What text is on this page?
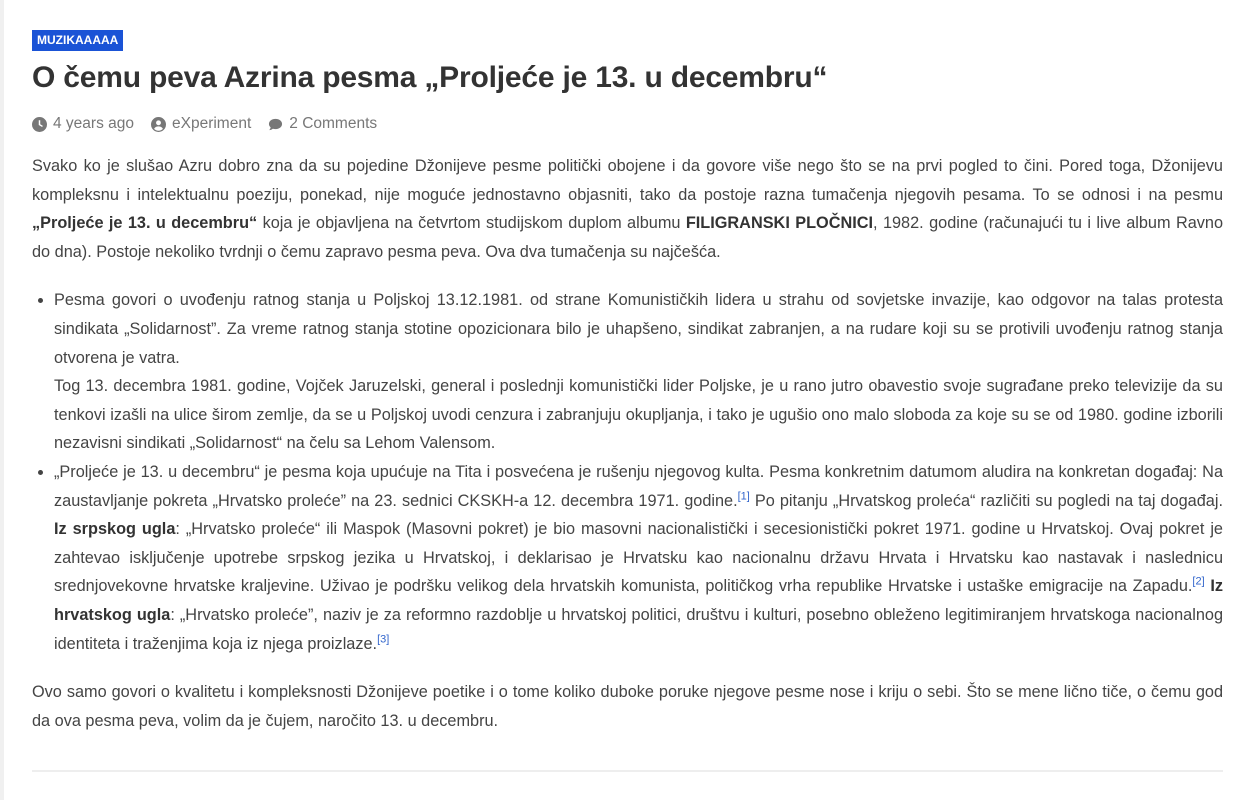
MUZIKAAAAA
O čemu peva Azrina pesma „Proljeće je 13. u decembru“
4 years ago eXperiment 2 Comments

Svako ko je slušao Azru dobro zna da su pojedine Džonijeve pesme politički obojene i da govore više nego što se na prvi pogled to čini. Pored toga, Džonijevu kompleksnu i intelektualnu poeziju, ponekad, nije moguće jednostavno objasniti, tako da postoje razna tumačenja njegovih pesama. To se odnosi i na pesmu „Proljeće je 13. u decembru“ koja je objavljena na četvrtom studijskom duplom albumu FILIGRANSKI PLOČNICI, 1982. godine (računajući tu i live album Ravno do dna). Postoje nekoliko tvrdnji o čemu zapravo pesma peva. Ova dva tumačenja su najčešća.

Pesma govori o uvođenju ratnog stanja u Poljskoj 13.12.1981. od strane Komunističkih lidera u strahu od sovjetske invazije, kao odgovor na talas protesta sindikata „Solidarnost”. Za vreme ratnog stanja stotine opozicionara bilo je uhapšeno, sindikat zabranjen, a na rudare koji su se protivili uvođenju ratnog stanja otvorena je vatra.
Tog 13. decembra 1981. godine, Vojček Jaruzelski, general i poslednji komunistički lider Poljske, je u rano jutro obavestio svoje sugrađane preko televizije da su tenkovi izašli na ulice širom zemlje, da se u Poljskoj uvodi cenzura i zabranjuju okupljanja, i tako je ugušio ono malo sloboda za koje su se od 1980. godine izborili nezavisni sindikati „Solidarnost“ na čelu sa Lehom Valensom.
„Proljeće je 13. u decembru“ je pesma koja upućuje na Tita i posvećena je rušenju njegovog kulta. Pesma konkretnim datumom aludira na konkretan događaj: Na zaustavljanje pokreta „Hrvatsko proleće” na 23. sednici CKSKH-a 12. decembra 1971. godine.[1] Po pitanju „Hrvatskog proleća“ različiti su pogledi na taj događaj. Iz srpskog ugla: „Hrvatsko proleće“ ili Maspok (Masovni pokret) je bio masovni nacionalistički i secesionistički pokret 1971. godine u Hrvatskoj. Ovaj pokret je zahtevao isključenje upotrebe srpskog jezika u Hrvatskoj, i deklarisao je Hrvatsku kao nacionalnu državu Hrvata i Hrvatsku kao nastavak i naslednicu srednjovekovne hrvatske kraljevine. Uživao je podršku velikog dela hrvatskih komunista, političkog vrha republike Hrvatske i ustaške emigracije na Zapadu.[2] Iz hrvatskog ugla: „Hrvatsko proleće”, naziv je za reformno razdoblje u hrvatskoj politici, društvu i kulturi, posebno obleženo legitimiranjem hrvatskoga nacionalnog identiteta i traženjima koja iz njega proizlaze.[3]

Ovo samo govori o kvalitetu i kompleksnosti Džonijeve poetike i o tome koliko duboke poruke njegove pesme nose i kriju o sebi. Što se mene lično tiče, o čemu god da ova pesma peva, volim da je čujem, naročito 13. u decembru.
